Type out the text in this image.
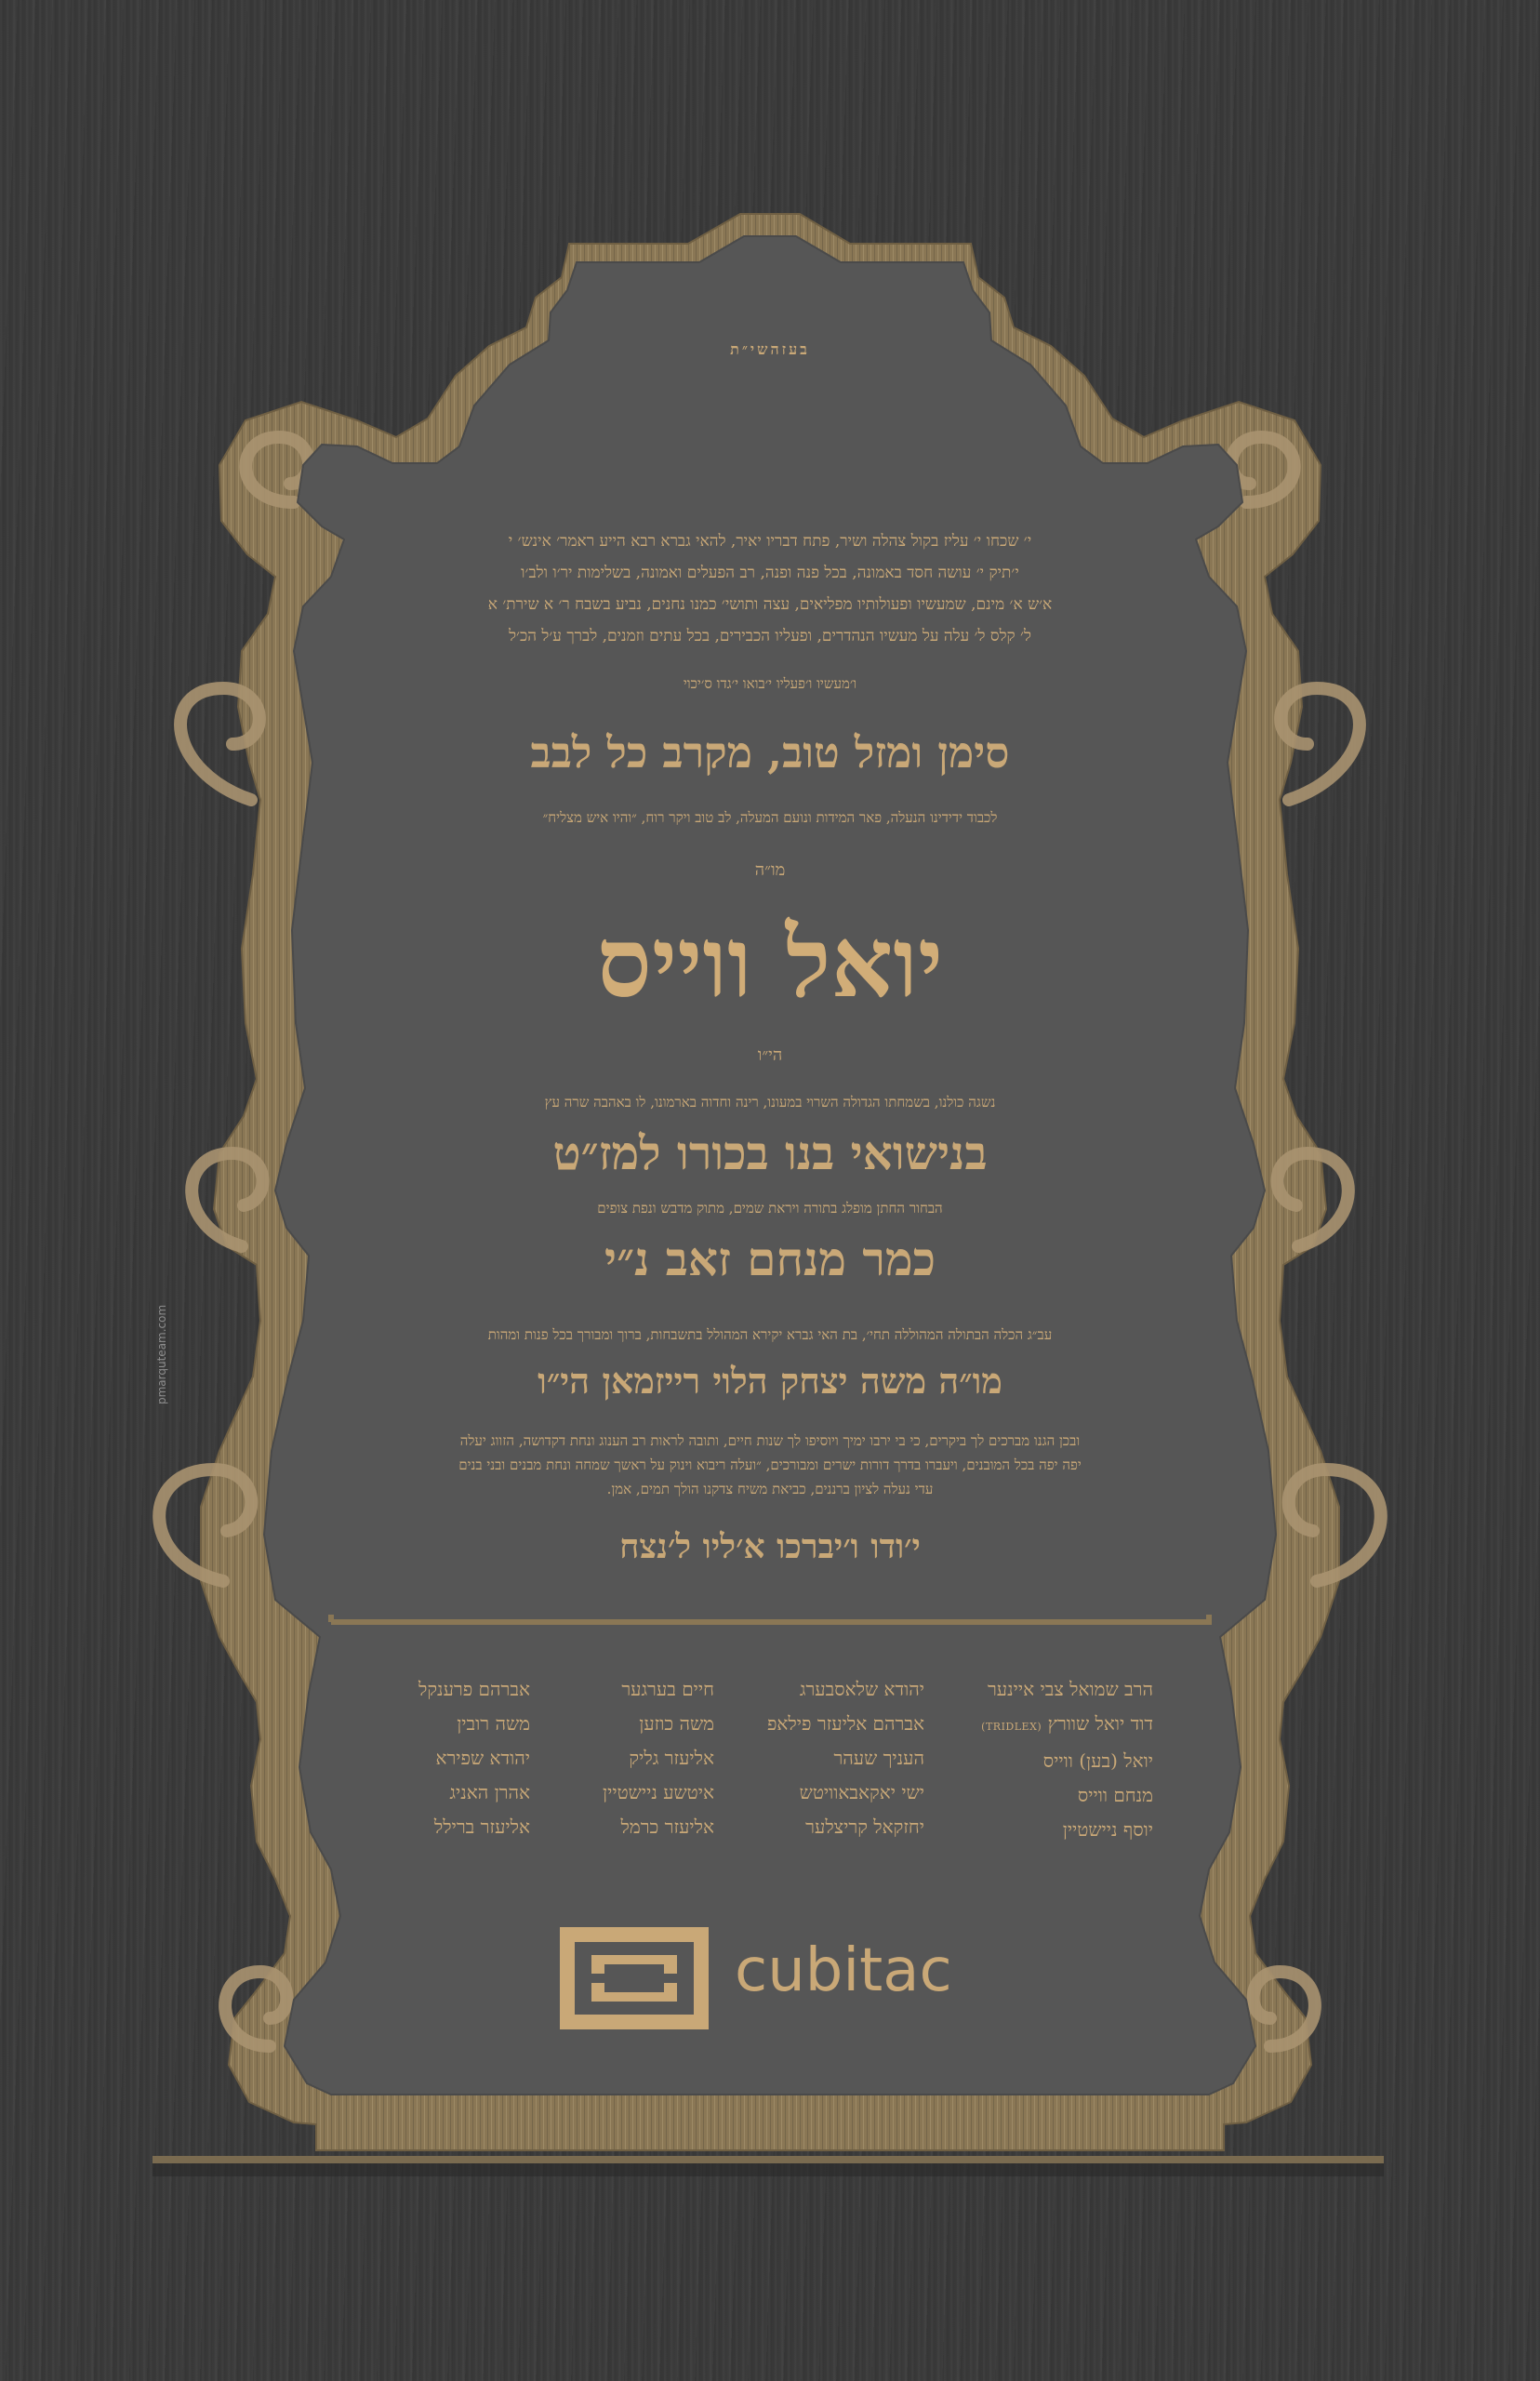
בעזהשי״ת
י׳ שכחו י׳ עליז בקול צהלה ושיר, פתח דבריו יאיר, להאי גברא רבא הייע ראמר׳ אינש׳ י
י׳תיק י׳ עושה חסד באמונה, בכל פנה ופנה, רב הפעלים ואמונה, בשלימות יר׳ו ולב׳ו
א׳ש א׳ מינם, שמעשיו ופעולותיו מפליאים, עצה ותושי׳ כמנו נחנים, נביע בשבח ר׳ א שירת׳ א
ל׳ קלס ל׳ עלה על מעשיו הנהדרים, ופעליו הכבירים, בכל עתים וזמנים, לברך ע׳ל הכ׳ל
ו׳מעשיו ו׳פעליו י׳בואו י׳גדו ס׳יכוי
סימן ומזל טוב, מקרב כל לבב
לכבוד ידידינו הנעלה, פאר המידות ונועם המעלה, לב טוב ויקר רוח, ״והיו איש מצליח״
מו״ה
יואל ווייס
הי״ו
נשגה כולנו, בשמחתו הגדולה השרוי במעונו, רינה וחדוה בארמונו, לו באהבה שרה עץ
בנישואי בנו בכורו למז״ט
הבחור החתן מופלג בתורה ויראת שמים, מתוק מדבש ונפת צופים
כמר מנחם זאב נ״י
עב״ג הכלה הבתולה המהוללה תחי׳, בת האי גברא יקירא המהולל בתשבחות, ברוך ומבורך בכל פנות ומהות
מו״ה משה יצחק הלוי רייזמאן הי״ו
ובכן הגנו מברכים לך ביקרים, כי בי ירבו ימיך ויוסיפו לך שנות חיים, ותובה לראות רב הענוג ונחת דקדושה, הזווג יעלה
יפה יפה בכל המובנים, ויעברו בדרך דורות ישרים ומבורכים, ״ועלה ריבוא וינוק על ראשך שמחה ונחת מבנים ובני בנים
עדי נעלה לציון ברננים, כביאת משיח צדקנו הולך תמים, אמן.
י׳ודו ו׳יברכו א׳ליו ל׳נצח
הרב שמואל צבי איינער
דוד יואל שוורץ (TRIDLEX)
יואל (בען) ווייס
מנחם ווייס
יוסף ניישטיין
יהודא שלאסבערג
אברהם אליעזר פילאפ
העניך שעהר
ישי יאקאבאוויטש
יחזקאל קריצלער
חיים בערגער
משה כוזען
אליעזר גליק
איטשע ניישטיין
אליעזר כרמל
אברהם פרענקל
משה רובין
יהודא שפירא
אהרן האניג
אליעזר ברילל
cubitac
pmarquteam.com
